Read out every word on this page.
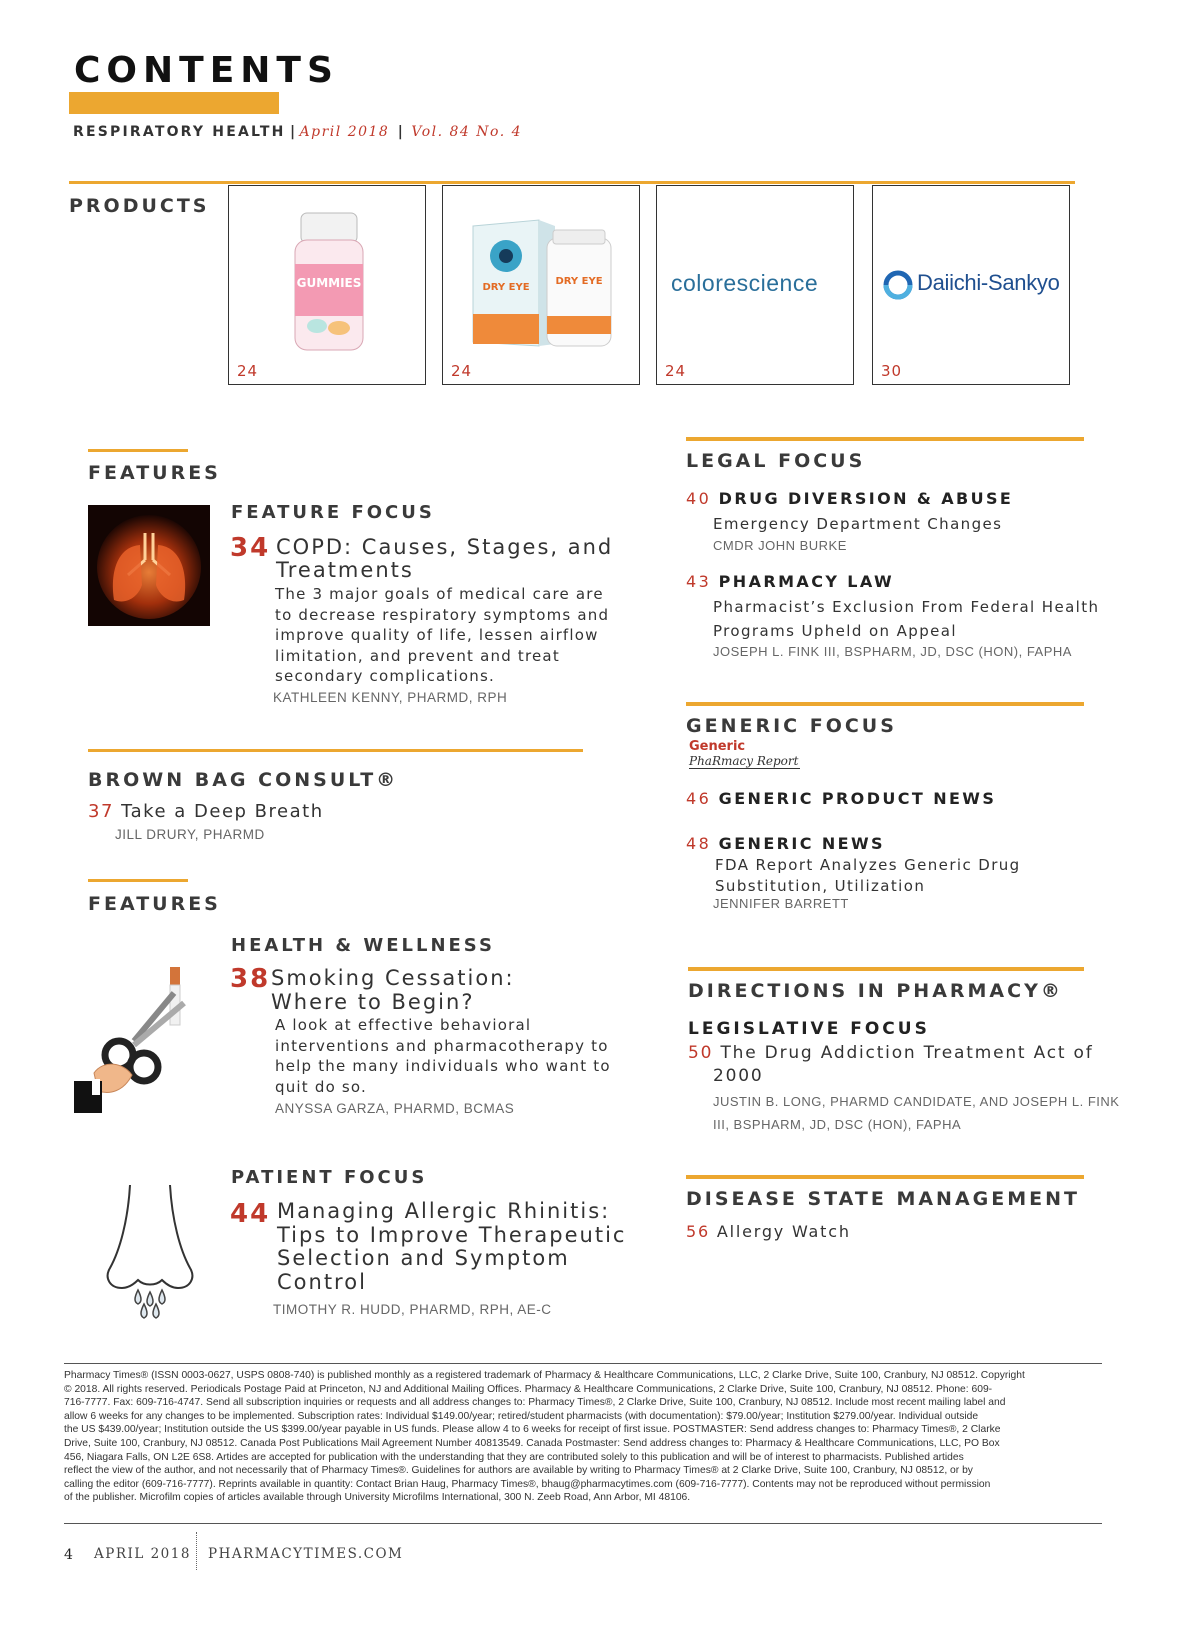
CONTENTS
RESPIRATORY HEALTH | April 2018 | Vol. 84 No. 4
PRODUCTS
GUMMIES
24
DRY EYE
DRY EYE
24
colorescience
24
Daiichi-Sankyo
30
FEATURES
FEATURE FOCUS
34 COPD: Causes, Stages, and
Treatments
The 3 major goals of medical care are
to decrease respiratory symptoms and
improve quality of life, lessen airflow
limitation, and prevent and treat
secondary complications.
KATHLEEN KENNY, PHARMD, RPH
BROWN BAG CONSULT®
37 Take a Deep Breath
JILL DRURY, PHARMD
FEATURES
HEALTH & WELLNESS
38 Smoking Cessation:
Where to Begin?
A look at effective behavioral
interventions and pharmacotherapy to
help the many individuals who want to
quit do so.
ANYSSA GARZA, PHARMD, BCMAS
PATIENT FOCUS
44 Managing Allergic Rhinitis:
Tips to Improve Therapeutic
Selection and Symptom
Control
TIMOTHY R. HUDD, PHARMD, RPH, AE-C
LEGAL FOCUS
40 DRUG DIVERSION & ABUSE
Emergency Department Changes
CMDR JOHN BURKE
43 PHARMACY LAW
Pharmacist’s Exclusion From Federal Health
Programs Upheld on Appeal
JOSEPH L. FINK III, BSPHARM, JD, DSC (HON), FAPHA
GENERIC FOCUS
Generic
PhaRmacy Report
46 GENERIC PRODUCT NEWS
48 GENERIC NEWS
FDA Report Analyzes Generic Drug
Substitution, Utilization
JENNIFER BARRETT
DIRECTIONS IN PHARMACY®
LEGISLATIVE FOCUS
50 The Drug Addiction Treatment Act of
2000
JUSTIN B. LONG, PHARMD CANDIDATE, AND JOSEPH L. FINK
III, BSPHARM, JD, DSC (HON), FAPHA
DISEASE STATE MANAGEMENT
56 Allergy Watch
Pharmacy Times® (ISSN 0003-0627, USPS 0808-740) is published monthly as a registered trademark of Pharmacy & Healthcare Communications, LLC, 2 Clarke Drive, Suite 100, Cranbury, NJ 08512. Copyright
© 2018. All rights reserved. Periodicals Postage Paid at Princeton, NJ and Additional Mailing Offices. Pharmacy & Healthcare Communications, 2 Clarke Drive, Suite 100, Cranbury, NJ 08512. Phone: 609-
716-7777. Fax: 609-716-4747. Send all subscription inquiries or requests and all address changes to: Pharmacy Times®, 2 Clarke Drive, Suite 100, Cranbury, NJ 08512. Include most recent mailing label and
allow 6 weeks for any changes to be implemented. Subscription rates: Individual $149.00/year; retired/student pharmacists (with documentation): $79.00/year; Institution $279.00/year. Individual outside
the US $439.00/year; Institution outside the US $399.00/year payable in US funds. Please allow 4 to 6 weeks for receipt of first issue. POSTMASTER: Send address changes to: Pharmacy Times®, 2 Clarke
Drive, Suite 100, Cranbury, NJ 08512. Canada Post Publications Mail Agreement Number 40813549. Canada Postmaster: Send address changes to: Pharmacy & Healthcare Communications, LLC, PO Box
456, Niagara Falls, ON L2E 6S8. Artides are accepted for publication with the understanding that they are contributed solely to this publication and will be of interest to pharmacists. Published artides
reflect the view of the author, and not necessarily that of Pharmacy Times®. Guidelines for authors are available by writing to Pharmacy Times® at 2 Clarke Drive, Suite 100, Cranbury, NJ 08512, or by
calling the editor (609-716-7777). Reprints available in quantity: Contact Brian Haug, Pharmacy Times®, bhaug@pharmacytimes.com (609-716-7777). Contents may not be reproduced without permission
of the publisher. Microfilm copies of articles available through University Microfilms International, 300 N. Zeeb Road, Ann Arbor, MI 48106.
4 APRIL 2018 PHARMACYTIMES.COM
